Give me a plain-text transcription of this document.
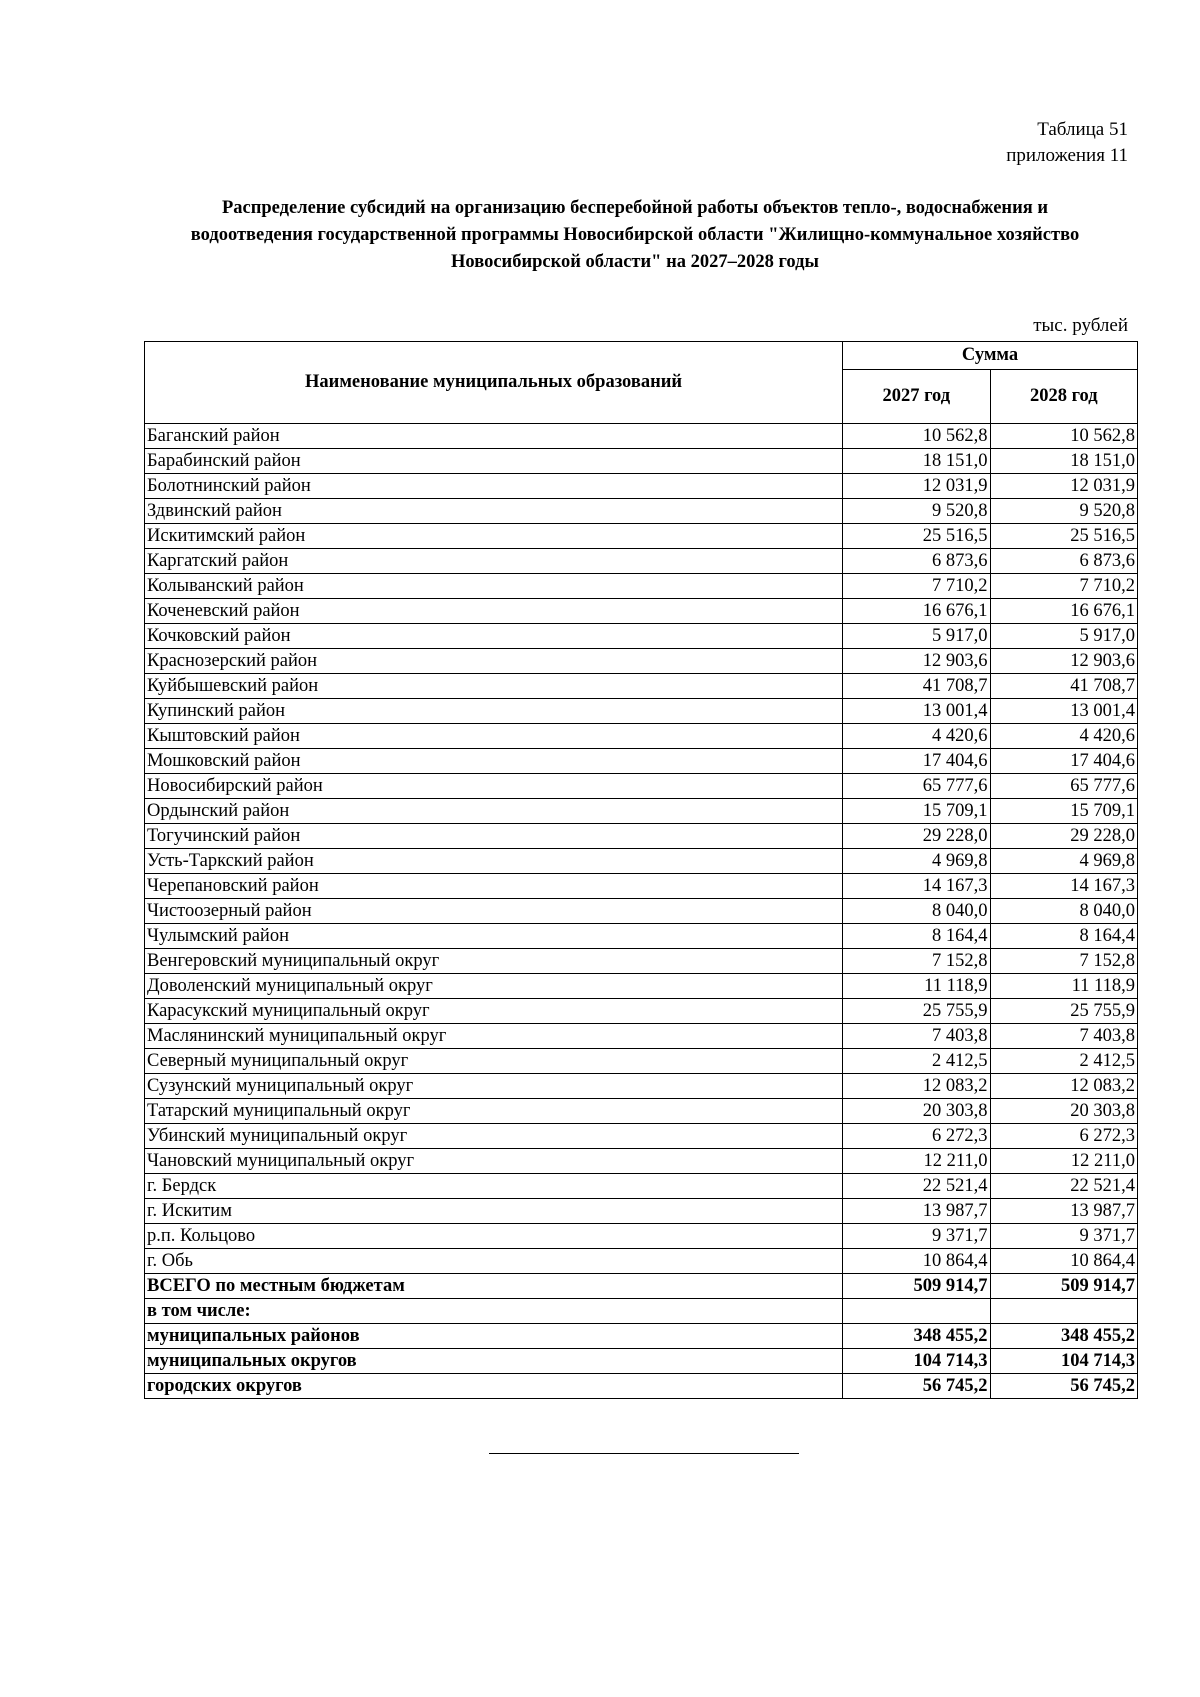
Таблица 51
приложения 11
Распределение субсидий на организацию бесперебойной работы объектов тепло-, водоснабжения и
водоотведения государственной программы Новосибирской области "Жилищно-коммунальное хозяйство
Новосибирской области" на 2027–2028 годы
тыс. рублей
Наименование муниципальных образований	Сумма	
	2027 год	2028 год
Баганский район	10 562,8	10 562,8
Барабинский район	18 151,0	18 151,0
Болотнинский район	12 031,9	12 031,9
Здвинский район	9 520,8	9 520,8
Искитимский район	25 516,5	25 516,5
Каргатский район	6 873,6	6 873,6
Колыванский район	7 710,2	7 710,2
Коченевский район	16 676,1	16 676,1
Кочковский район	5 917,0	5 917,0
Краснозерский район	12 903,6	12 903,6
Куйбышевский район	41 708,7	41 708,7
Купинский район	13 001,4	13 001,4
Кыштовский район	4 420,6	4 420,6
Мошковский район	17 404,6	17 404,6
Новосибирский район	65 777,6	65 777,6
Ордынский район	15 709,1	15 709,1
Тогучинский район	29 228,0	29 228,0
Усть-Таркский район	4 969,8	4 969,8
Черепановский район	14 167,3	14 167,3
Чистоозерный район	8 040,0	8 040,0
Чулымский район	8 164,4	8 164,4
Венгеровский муниципальный округ	7 152,8	7 152,8
Доволенский муниципальный округ	11 118,9	11 118,9
Карасукский муниципальный округ	25 755,9	25 755,9
Маслянинский муниципальный округ	7 403,8	7 403,8
Северный муниципальный округ	2 412,5	2 412,5
Сузунский муниципальный округ	12 083,2	12 083,2
Татарский муниципальный округ	20 303,8	20 303,8
Убинский муниципальный округ	6 272,3	6 272,3
Чановский муниципальный округ	12 211,0	12 211,0
г. Бердск	22 521,4	22 521,4
г. Искитим	13 987,7	13 987,7
р.п. Кольцово	9 371,7	9 371,7
г. Обь	10 864,4	10 864,4
ВСЕГО по местным бюджетам	509 914,7	509 914,7
в том числе:		
муниципальных районов	348 455,2	348 455,2
муниципальных округов	104 714,3	104 714,3
городских округов	56 745,2	56 745,2
